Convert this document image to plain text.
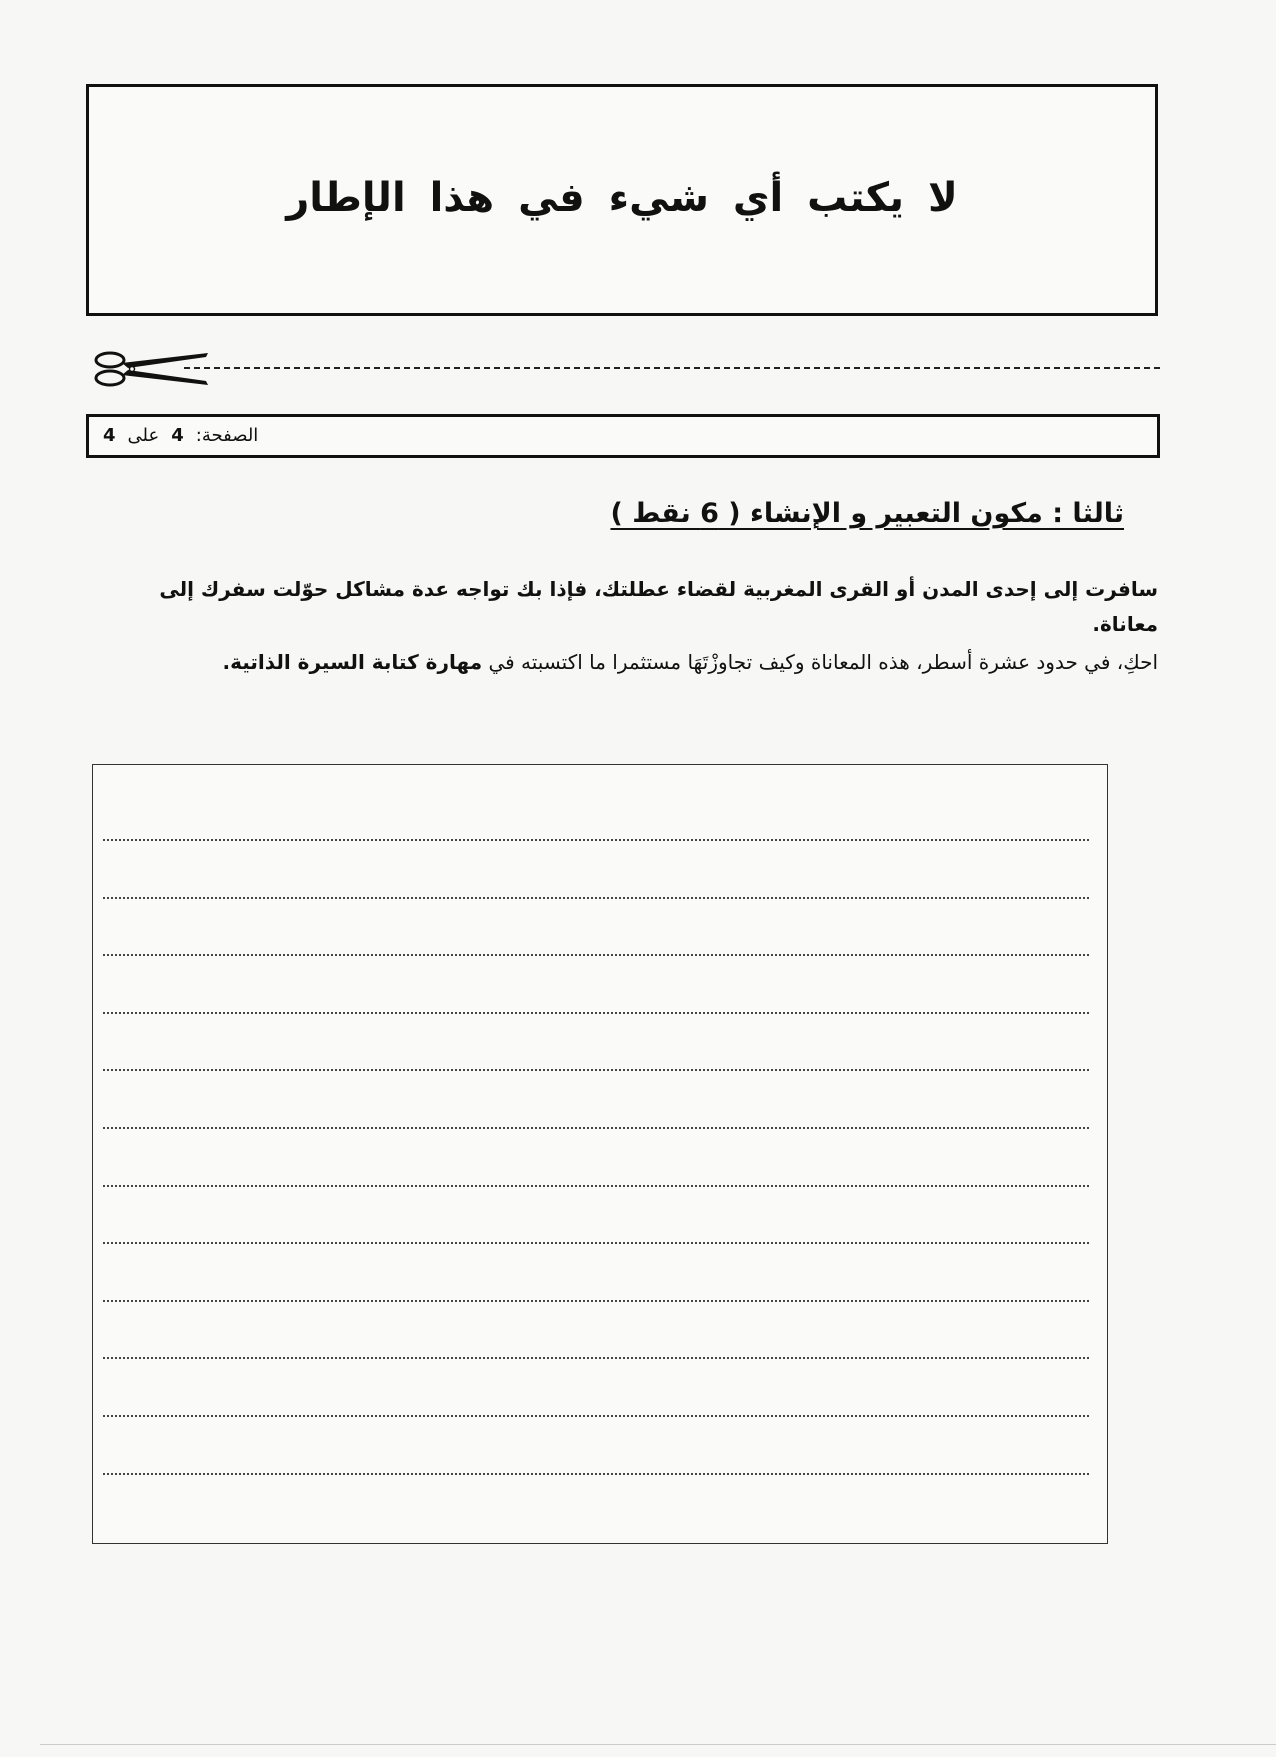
لا يكتب أي شيء في هذا الإطار
الصفحة:
4
على
4
ثالثا : مكون التعبير و الإنشاء ( 6 نقط )
سافرت إلى إحدى المدن أو القرى المغربية لقضاء عطلتك، فإذا بك تواجه عدة مشاكل حوّلت سفرك إلى معاناة.
احكِ، في حدود عشرة أسطر، هذه المعاناة وكيف تجاوزْتَهَا مستثمرا ما اكتسبته في مهارة كتابة السيرة الذاتية.
